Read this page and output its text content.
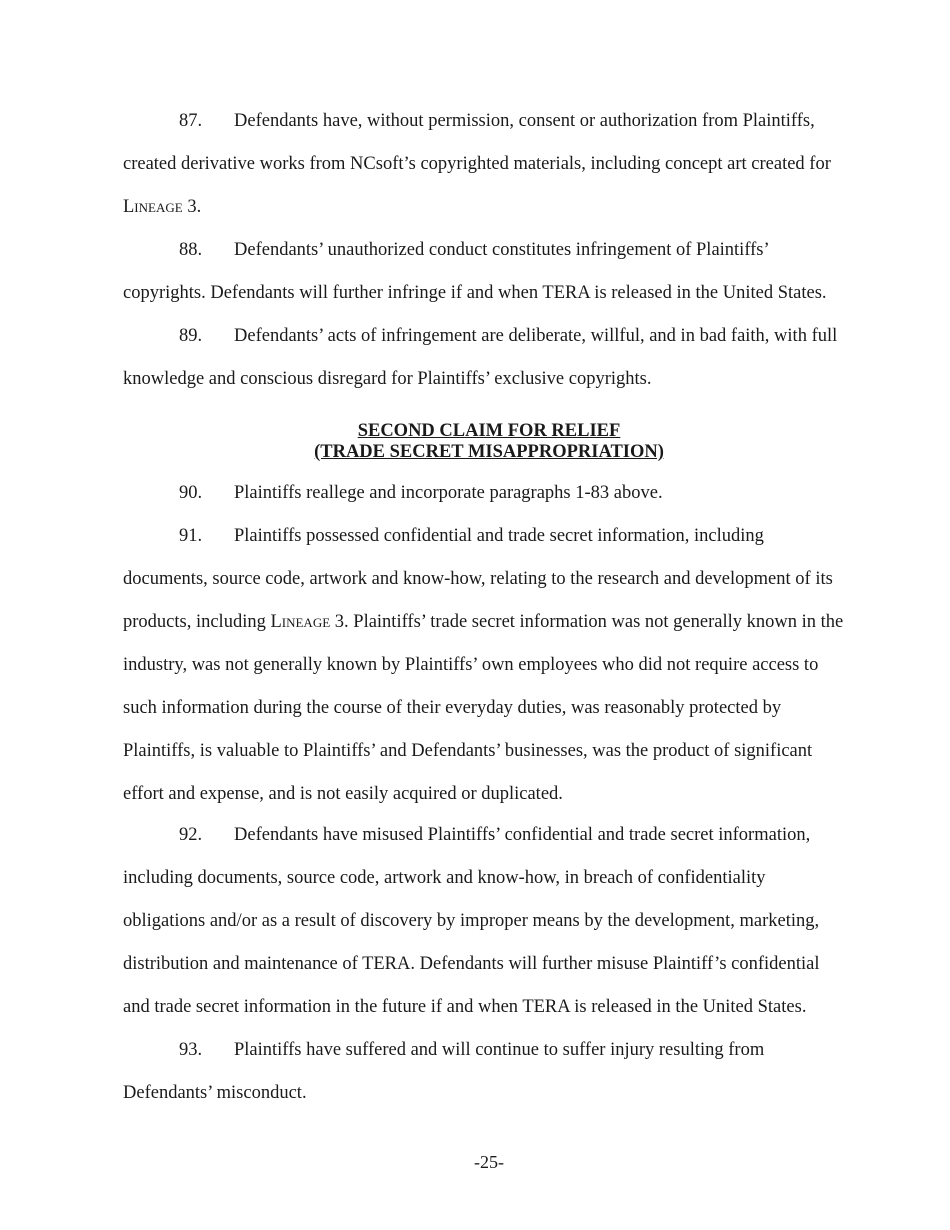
87. Defendants have, without permission, consent or authorization from Plaintiffs, created derivative works from NCsoft’s copyrighted materials, including concept art created for Lineage 3.

88. Defendants’ unauthorized conduct constitutes infringement of Plaintiffs’ copyrights. Defendants will further infringe if and when TERA is released in the United States.

89. Defendants’ acts of infringement are deliberate, willful, and in bad faith, with full knowledge and conscious disregard for Plaintiffs’ exclusive copyrights.

SECOND CLAIM FOR RELIEF

(TRADE SECRET MISAPPROPRIATION)

90. Plaintiffs reallege and incorporate paragraphs 1-83 above.

91. Plaintiffs possessed confidential and trade secret information, including documents, source code, artwork and know-how, relating to the research and development of its products, including Lineage 3. Plaintiffs’ trade secret information was not generally known in the industry, was not generally known by Plaintiffs’ own employees who did not require access to such information during the course of their everyday duties, was reasonably protected by Plaintiffs, is valuable to Plaintiffs’ and Defendants’ businesses, was the product of significant effort and expense, and is not easily acquired or duplicated.

92. Defendants have misused Plaintiffs’ confidential and trade secret information, including documents, source code, artwork and know-how, in breach of confidentiality obligations and/or as a result of discovery by improper means by the development, marketing, distribution and maintenance of TERA. Defendants will further misuse Plaintiff’s confidential and trade secret information in the future if and when TERA is released in the United States.

93. Plaintiffs have suffered and will continue to suffer injury resulting from Defendants’ misconduct.

-25-
